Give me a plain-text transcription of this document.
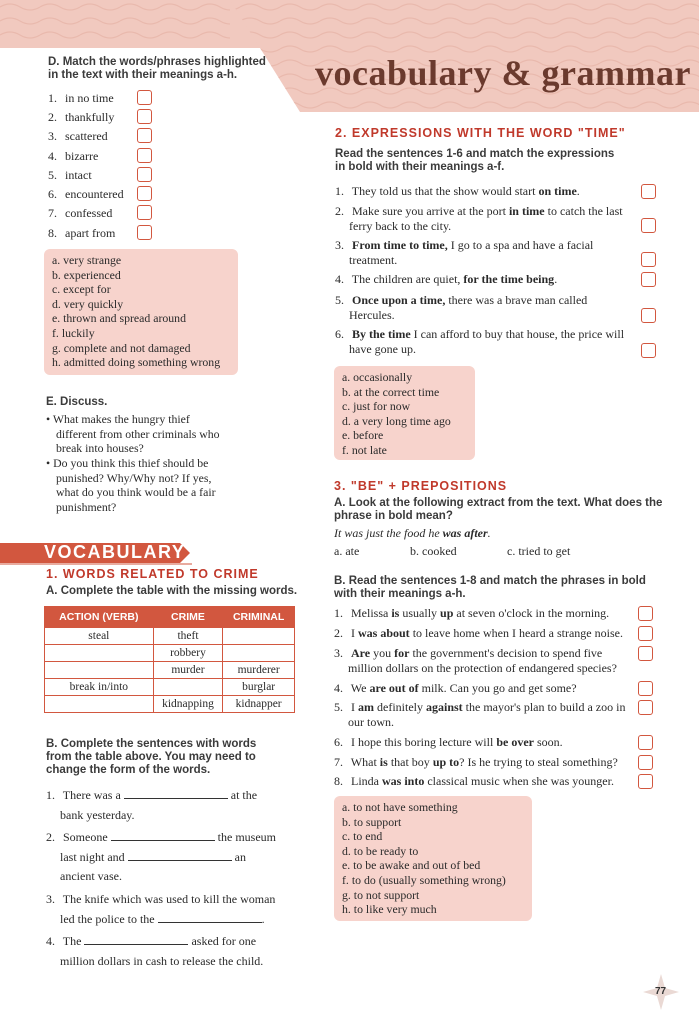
vocabulary & grammar
D. Match the words/phrases highlighted in the text with their meanings a-h.
1. in no time
2. thankfully
3. scattered
4. bizarre
5. intact
6. encountered
7. confessed
8. apart from
a. very strange
b. experienced
c. except for
d. very quickly
e. thrown and spread around
f. luckily
g. complete and not damaged
h. admitted doing something wrong
E. Discuss.
• What makes the hungry thief
different from other criminals who
break into houses?
• Do you think this thief should be
punished? Why/Why not? If yes,
what do you think would be a fair
punishment?
VOCABULARY
1. WORDS RELATED TO CRIME
A. Complete the table with the missing words.
ACTION (VERB)	CRIME	CRIMINAL
steal	theft	
	robbery	
	murder	murderer
break in/into		burglar
	kidnapping	kidnapper
B. Complete the sentences with words from the table above. You may need to change the form of the words.
1. There was a	at the
bank yesterday.
2. Someone	the museum
last night and	an
ancient vase.
3. The knife which was used to kill the woman
led the police to the	.
4. The	asked for one
million dollars in cash to release the child.
2. EXPRESSIONS WITH THE WORD "TIME"
Read the sentences 1-6 and match the expressions in bold with their meanings a-f.
1. They told us that the show would start on time.
2. Make sure you arrive at the port in time to catch the last
ferry back to the city.
3. From time to time, I go to a spa and have a facial
treatment.
4. The children are quiet, for the time being.
5. Once upon a time, there was a brave man called
Hercules.
6. By the time I can afford to buy that house, the price will
have gone up.
a. occasionally
b. at the correct time
c. just for now
d. a very long time ago
e. before
f. not late
3. "BE" + PREPOSITIONS
A. Look at the following extract from the text. What does the phrase in bold mean?
It was just the food he was after.
a. ate	b. cooked	c. tried to get
B. Read the sentences 1-8 and match the phrases in bold with their meanings a-h.
1. Melissa is usually up at seven o'clock in the morning.
2. I was about to leave home when I heard a strange noise.
3. Are you for the government's decision to spend five
million dollars on the protection of endangered species?
4. We are out of milk. Can you go and get some?
5. I am definitely against the mayor's plan to build a zoo in
our town.
6. I hope this boring lecture will be over soon.
7. What is that boy up to? Is he trying to steal something?
8. Linda was into classical music when she was younger.
a. to not have something
b. to support
c. to end
d. to be ready to
e. to be awake and out of bed
f. to do (usually something wrong)
g. to not support
h. to like very much
77
